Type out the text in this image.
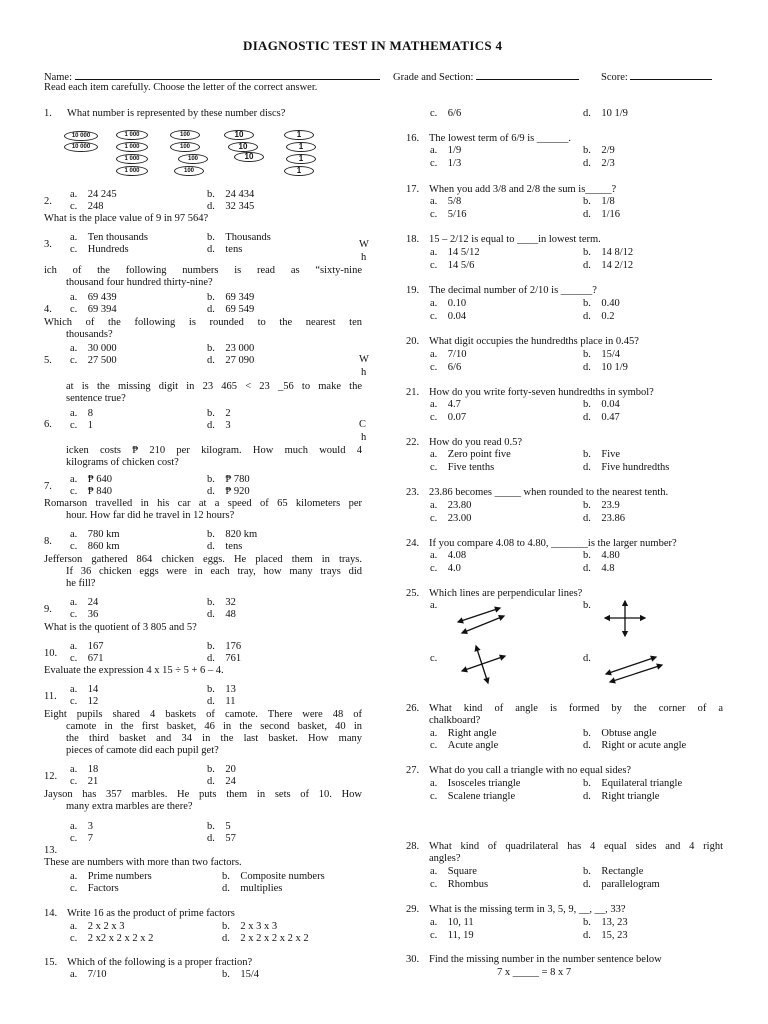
DIAGNOSTIC TEST IN MATHEMATICS 4
Name:	Grade and Section:	Score:
Read each item carefully. Choose the letter of the correct answer.
1. What number is represented by these number discs?
10 000
10 000
1 000
1 000
1 000
1 000
100
100
100
100
10
10
10
1
1
1
1
2.
a. 24 245	b. 24 434
c. 248	d. 32 345
What is the place value of 9 in 97 564?
3.
a. Ten thousands	b. Thousands
c. Hundreds	d. tens	W
h
ich of the following numbers is read as “sixty-nine
thousand four hundred thirty-nine?
4.
a. 69 439	b. 69 349
c. 69 394	d. 69 549
Which of the following is rounded to the nearest ten
thousands?
5.
a. 30 000	b. 23 000
c. 27 500	d. 27 090	W
h
at is the missing digit in 23 465 < 23 _56 to make the
sentence true?
6.
a. 8	b. 2
c. 1	d. 3	C
h
icken costs ₱ 210 per kilogram. How much would 4
kilograms of chicken cost?
7.
a. ₱ 640	b. ₱ 780
c. ₱ 840	d. ₱ 920
Romarson travelled in his car at a speed of 65 kilometers per
hour. How far did he travel in 12 hours?
8.
a. 780 km	b. 820 km
c. 860 km	d. tens
Jefferson gathered 864 chicken eggs. He placed them in trays.
If 36 chicken eggs were in each tray, how many trays did
he fill?
9.
a. 24	b. 32
c. 36	d. 48
What is the quotient of 3 805 and 5?
10.
a. 167	b. 176
c. 671	d. 761
Evaluate the expression 4 x 15 ÷ 5 + 6 – 4.
11.
a. 14	b. 13
c. 12	d. 11
Eight pupils shared 4 baskets of camote. There were 48 of
camote in the first basket, 46 in the second basket, 40 in
the third basket and 34 in the last basket. How many
pieces of camote did each pupil get?
12.
a. 18	b. 20
c. 21	d. 24
Jayson has 357 marbles. He puts them in sets of 10. How
many extra marbles are there?
a. 3	b. 5
c. 7	d. 57
13.
These are numbers with more than two factors.
a. Prime numbers	b. Composite numbers
c. Factors	d. multiplies
14. Write 16 as the product of prime factors
a. 2 x 2 x 3	b. 2 x 3 x 3
c. 2 x2 x 2 x 2 x 2	d. 2 x 2 x 2 x 2 x 2
15. Which of the following is a proper fraction?
a. 7/10	b. 15/4
c. 6/6	d. 10 1/9
16. The lowest term of 6/9 is ______.
a. 1/9	b. 2/9
c. 1/3	d. 2/3
17. When you add 3/8 and 2/8 the sum is_____?
a. 5/8	b. 1/8
c. 5/16	d. 1/16
18. 15 – 2/12 is equal to ____in lowest term.
a. 14 5/12	b. 14 8/12
c. 14 5/6	d. 14 2/12
19. The decimal number of 2/10 is ______?
a. 0.10	b. 0.40
c. 0.04	d. 0.2
20. What digit occupies the hundredths place in 0.45?
a. 7/10	b. 15/4
c. 6/6	d. 10 1/9
21. How do you write forty-seven hundredths in symbol?
a. 4.7	b. 0.04
c. 0.07	d. 0.47
22. How do you read 0.5?
a. Zero point five	b. Five
c. Five tenths	d. Five hundredths
23. 23.86 becomes _____ when rounded to the nearest tenth.
a. 23.80	b. 23.9
c. 23.00	d. 23.86
24. If you compare 4.08 to 4.80, _______is the larger number?
a. 4.08	b. 4.80
c. 4.0	d. 4.8
25. Which lines are perpendicular lines?
a.	b.
c.	d.
26. What kind of angle is formed by the corner of a
chalkboard?
a. Right angle	b. Obtuse angle
c. Acute angle	d. Right or acute angle
27. What do you call a triangle with no equal sides?
a. Isosceles triangle	b. Equilateral triangle
c. Scalene triangle	d. Right triangle
28. What kind of quadrilateral has 4 equal sides and 4 right
angles?
a. Square	b. Rectangle
c. Rhombus	d. parallelogram
29. What is the missing term in 3, 5, 9, __, __, 33?
a. 10, 11	b. 13, 23
c. 11, 19	d. 15, 23
30. Find the missing number in the number sentence below
7 x _____ = 8 x 7
